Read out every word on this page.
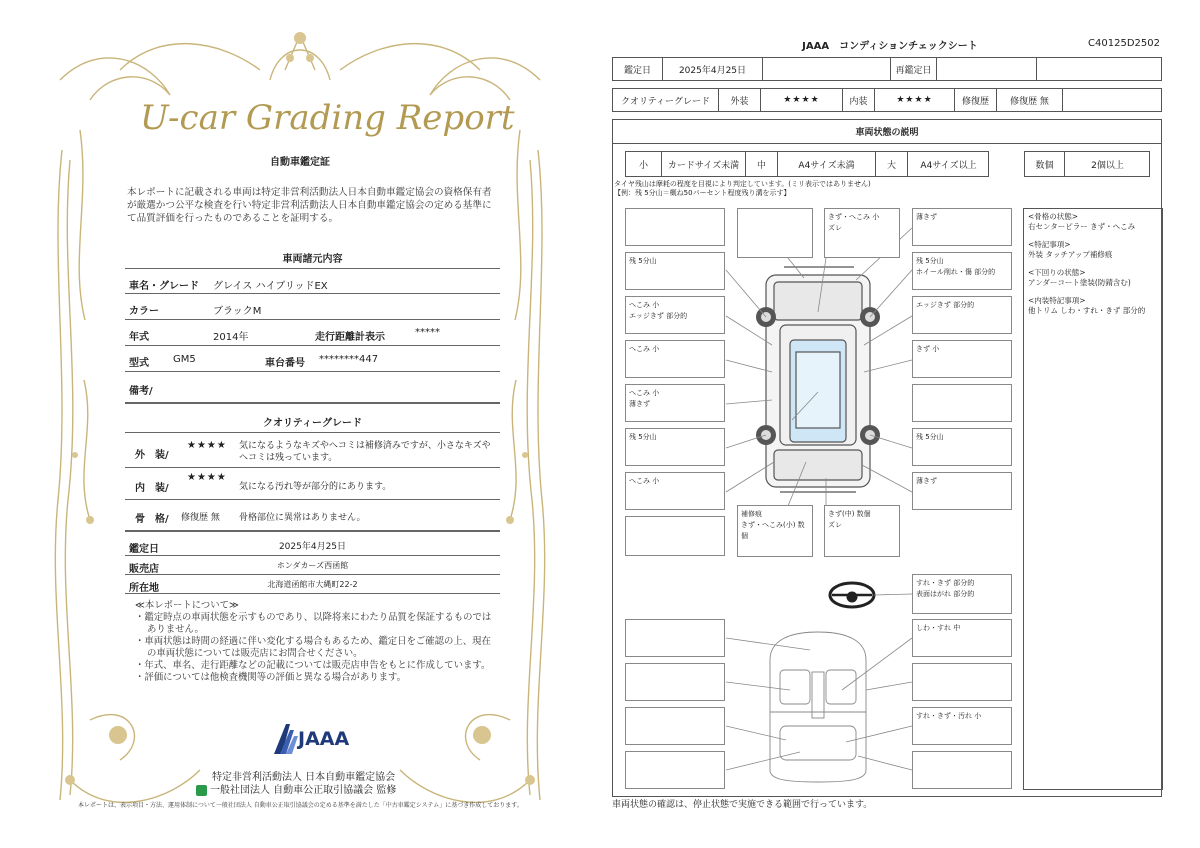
U-car Grading Report
自動車鑑定証
本レポートに記載される車両は特定非営利活動法人日本自動車鑑定協会の資格保有者が厳選かつ公平な検査を行い特定非営利活動法人日本自動車鑑定協会の定める基準にて品質評価を行ったものであることを証明する。
車両諸元内容
車名・グレード グレイス ハイブリッドEX
カラー	ブラックM
年式	2014年	走行距離計表示	*****
型式 GM5	車台番号 ********447
備考/
クオリティーグレード
外　装/
★★★★ 気になるようなキズやヘコミは補修済みですが、小さなキズやヘコミは残っています。
内　装/
★★★★
気になる汚れ等が部分的にあります。
骨　格/ 修復歴 無 骨格部位に異常はありません。
鑑定日	2025年4月25日
販売店	ホンダカーズ西函館
所在地	北海道函館市大縄町22-2
≪本レポートについて≫
・鑑定時点の車両状態を示すものであり、以降将来にわたり品質を保証するものではありません。
・車両状態は時間の経過に伴い変化する場合もあるため、鑑定日をご確認の上、現在の車両状態については販売店にお問合せください。
・年式、車名、走行距離などの記載については販売店申告をもとに作成しています。
・評価については他検査機関等の評価と異なる場合があります。
JAAA
特定非営利活動法人 日本自動車鑑定協会
一般社団法人 自動車公正取引協議会 監修
本レポートは、表示項目・方法、運用体制について一般社団法人 自動車公正取引協議会の定める基準を満たした「中古車鑑定システム」に基づき作成しております。
JAAA　コンディションチェックシート	C40125D2502
鑑定日	2025年4月25日	再鑑定日
クオリティーグレード	外装	★★★★	内装	★★★★	修復歴	修復歴 無
車両状態の説明
小	カードサイズ未満	中	A4サイズ未満	大	A4サイズ以上	数個	2個以上
タイヤ残山は摩耗の程度を目視により判定しています。(ミリ表示ではありません)
【例：残 5分山＝概ね50パーセント程度残り溝を示す】
きず・へこみ 小
ズレ
薄きず
残 5分山	残 5分山
ホイール削れ・傷 部分的
へこみ 小
エッジきず 部分的
エッジきず 部分的
へこみ 小	きず 小
へこみ 小
薄きず
残 5分山	残 5分山
へこみ 小	薄きず
補修痕
きず・へこみ(小) 数個
きず(中) 数個
ズレ
すれ・きず 部分的
表面はがれ 部分的
しわ・すれ 中
すれ・きず・汚れ 小

<骨格の状態>
右センターピラー きず・へこみ

<特記事項>
外装 タッチアップ補修痕

<下回りの状態>
アンダーコート塗装(防錆含む)

<内装特記事項>
他トリム しわ・すれ・きず 部分的

車両状態の確認は、停止状態で実施できる範囲で行っています。
